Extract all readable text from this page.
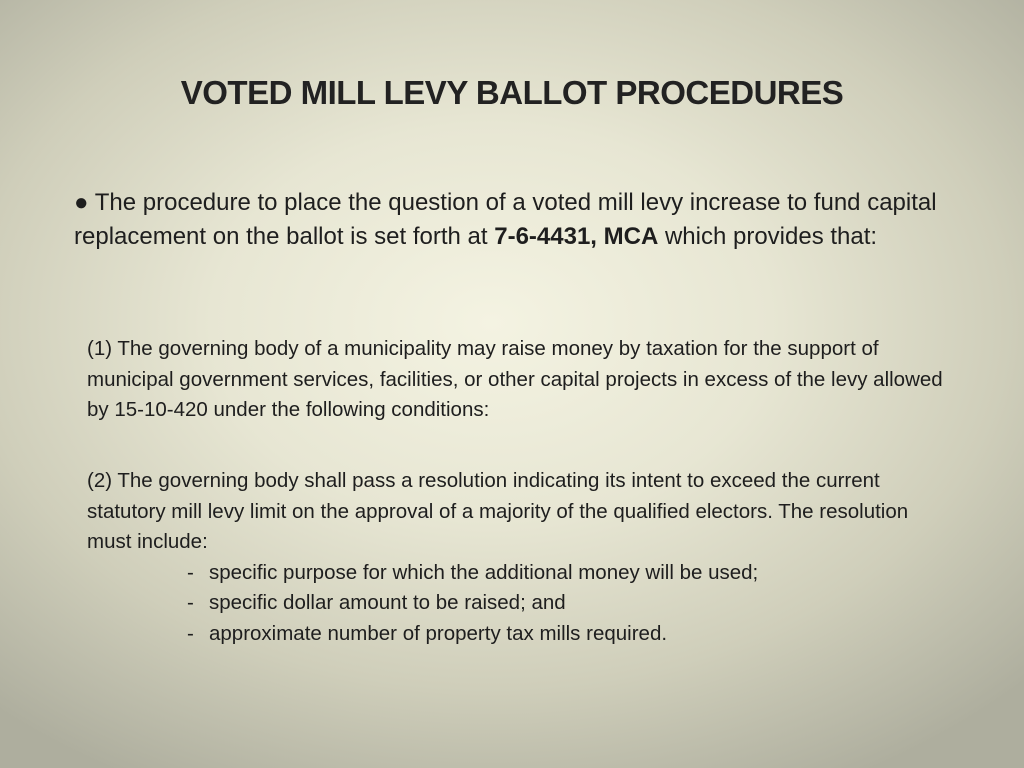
VOTED MILL LEVY BALLOT PROCEDURES
● The procedure to place the question of a voted mill levy increase to fund capital replacement on the ballot is set forth at 7-6-4431, MCA which provides that:
(1) The governing body of a municipality may raise money by taxation for the support of municipal government services, facilities, or other capital projects in excess of the levy allowed by 15-10-420 under the following conditions:
(2) The governing body shall pass a resolution indicating its intent to exceed the current statutory mill levy limit on the approval of a majority of the qualified electors. The resolution must include:
- specific purpose for which the additional money will be used;
- specific dollar amount to be raised; and
- approximate number of property tax mills required.
